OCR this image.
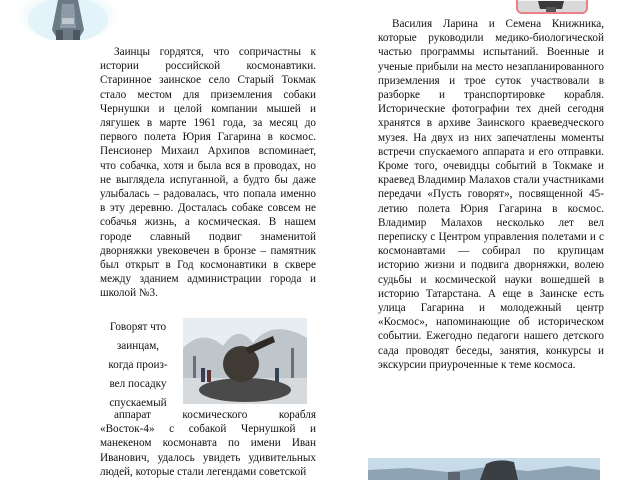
Заинцы гордятся, что сопричастны к истории российской космонавтики. Старинное заинское село Старый Токмак стало местом для приземления собаки Чернушки и целой компании мышей и лягушек в марте 1961 года, за месяц до первого полета Юрия Гагарина в космос. Пенсионер Михаил Архипов вспоминает, что собачка, хотя и была вся в проводах, но не выглядела испуганной, а будто бы даже улыбалась – радовалась, что попала именно в эту деревню. Досталась собаке совсем не собачья жизнь, а космическая. В нашем городе славный подвиг знаменитой дворняжки увековечен в бронзе – памятник был открыт в Год космонавтики в сквере между зданием администрации города и школой №3.
Говорят что
заинцам,
когда произ-
вел посадку
спускаемый
аппарат космического корабля «Восток-4» с собакой Чернушкой и манекеном космонавта по имени Иван Иванович, удалось увидеть удивительных людей, которые стали легендами советской
Василия Ларина и Семена Книжника, которые руководили медико-биологической частью программы испытаний. Военные и ученые прибыли на место незапланированного приземления и трое суток участвовали в разборке и транспортировке корабля. Исторические фотографии тех дней сегодня хранятся в архиве Заинского краеведческого музея. На двух из них запечатлены моменты встречи спускаемого аппарата и его отправки. Кроме того, очевидцы событий в Токмаке и краевед Владимир Малахов стали участниками передачи «Пусть говорят», посвященной 45-летию полета Юрия Гагарина в космос. Владимир Малахов несколько лет вел переписку с Центром управления полетами и с космонавтами — собирал по крупицам историю жизни и подвига дворняжки, волею судьбы и космической науки вошедшей в историю Татарстана. А еще в Заинске есть улица Гагарина и молодежный центр «Космос», напоминающие об историческом событии. Ежегодно педагоги нашего детского сада проводят беседы, занятия, конкурсы и экскурсии приуроченные к теме космоса.
